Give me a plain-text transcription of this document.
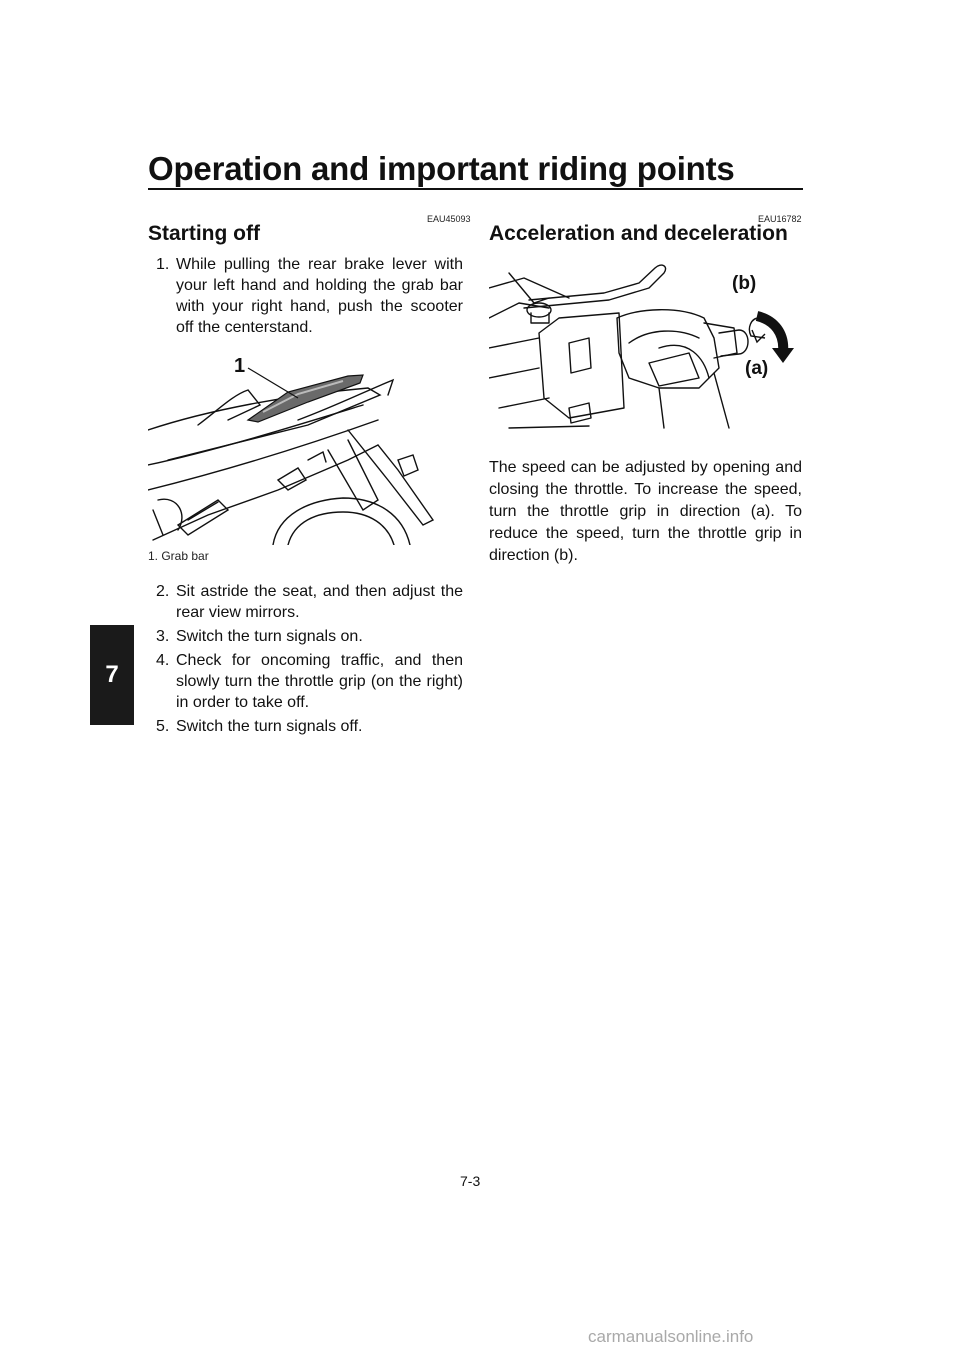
Operation and important riding points
7
EAU45093
Starting off
1. While pulling the rear brake lever with your left hand and holding the grab bar with your right hand, push the scooter off the centerstand.
1
1. Grab bar
2. Sit astride the seat, and then adjust the rear view mirrors.
3. Switch the turn signals on.
4. Check for oncoming traffic, and then slowly turn the throttle grip (on the right) in order to take off.
5. Switch the turn signals off.
EAU16782
Acceleration and deceleration
(b)
(a)

The speed can be adjusted by opening and closing the throttle. To increase the speed, turn the throttle grip in direction (a). To reduce the speed, turn the throttle grip in direction (b).

7-3
carmanualsonline.info
